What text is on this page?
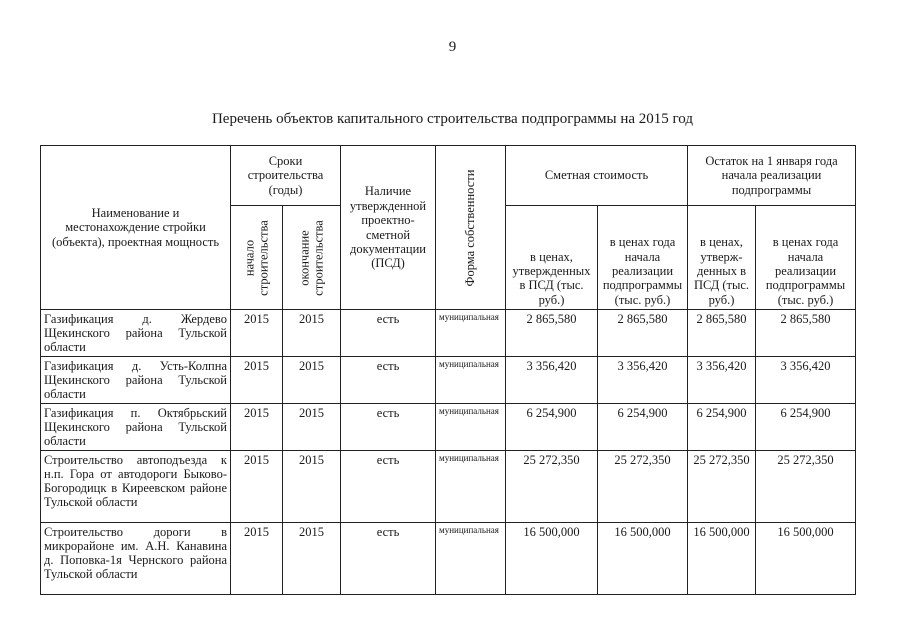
9
Перечень объектов капитального строительства подпрограммы на 2015 год
Наименование и местонахождение стройки (объекта), проектная мощность	Сроки строительства (годы)		Наличие утвержденной проектно-сметной документации (ПСД)	Форма собственности	Сметная стоимость		Остаток на 1 января года начала реализации подпрограммы	

	начало строительства	окончание строительства			в ценах, утвержденных в ПСД (тыс. руб.)	в ценах года начала реализации подпрограммы (тыс. руб.)	в ценах, утверж-денных в ПСД (тыс. руб.)	в ценах года начала реализации подпрограммы (тыс. руб.)
Газификация д. Жердево Щекинского района Тульской области	2015	2015	есть	муниципальная	2 865,580	2 865,580	2 865,580	2 865,580
Газификация д. Усть-Колпна Щекинского района Тульской области	2015	2015	есть	муниципальная	3 356,420	3 356,420	3 356,420	3 356,420
Газификация п. Октябрьский Щекинского района Тульской области	2015	2015	есть	муниципальная	6 254,900	6 254,900	6 254,900	6 254,900
Строительство автоподъезда к н.п. Гора от автодороги Быково-Богородицк в Киреевском районе Тульской области	2015	2015	есть	муниципальная	25 272,350	25 272,350	25 272,350	25 272,350
Строительство дороги в микрорайоне им. А.Н. Канавина д. Поповка-1я Чернского района Тульской области	2015	2015	есть	муниципальная	16 500,000	16 500,000	16 500,000	16 500,000
